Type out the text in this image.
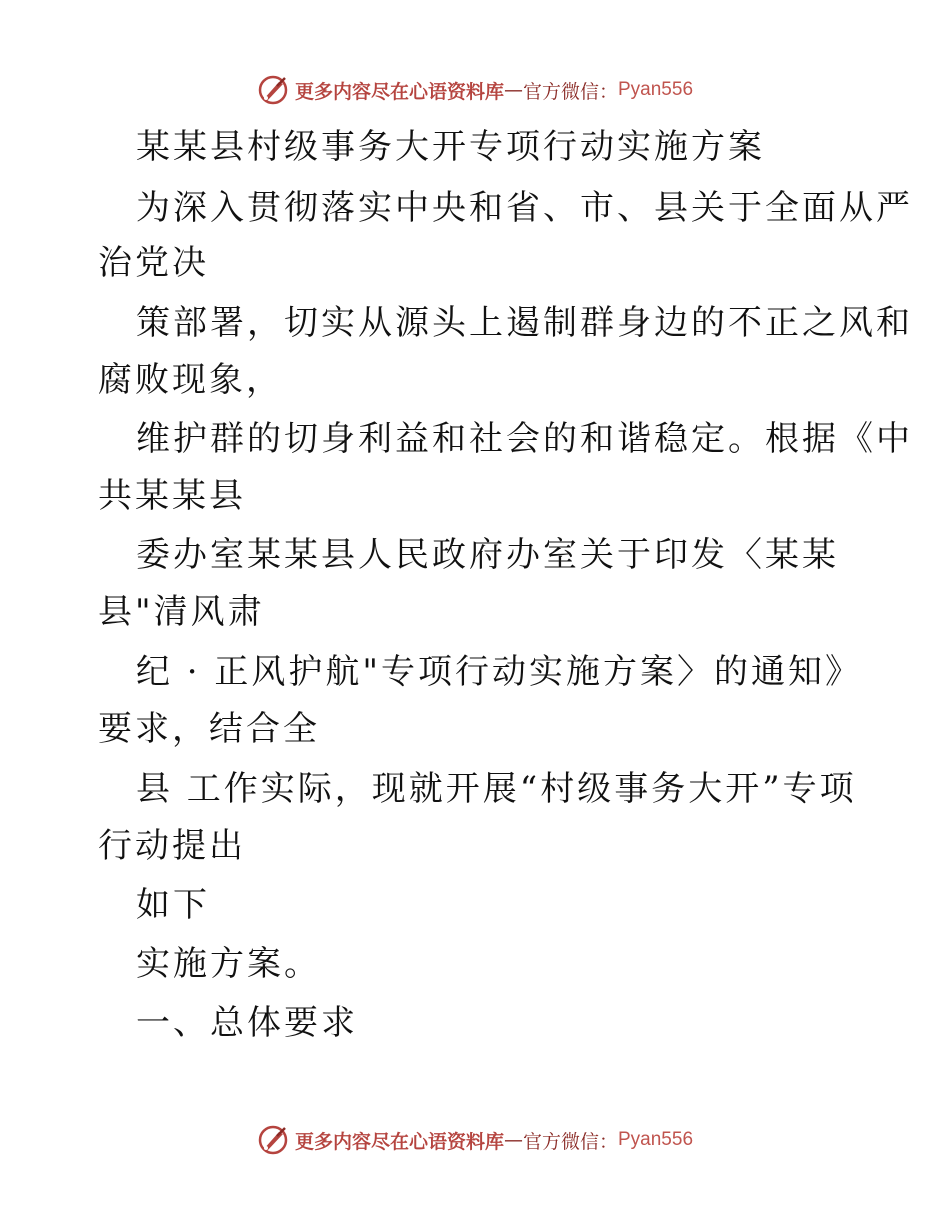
更多内容尽在心语资料库 — 官方微信： Pyan556

某某县村级事务大开专项行动实施方案

为深入贯彻落实中央和省、市、县关于全面从严

治党决

策部署，切实从源头上遏制群身边的不正之风和

腐败现象，

维护群的切身利益和社会的和谐稳定。根据《中

共某某县

委办室某某县人民政府办室关于印发〈某某

县"清风肃

纪 · 正风护航"专项行动实施方案〉的通知》

要求，结合全

县 工作实际，现就开展“村级事务大开”专项

行动提出

如下

实施方案。

一、总体要求

更多内容尽在心语资料库 — 官方微信： Pyan556
